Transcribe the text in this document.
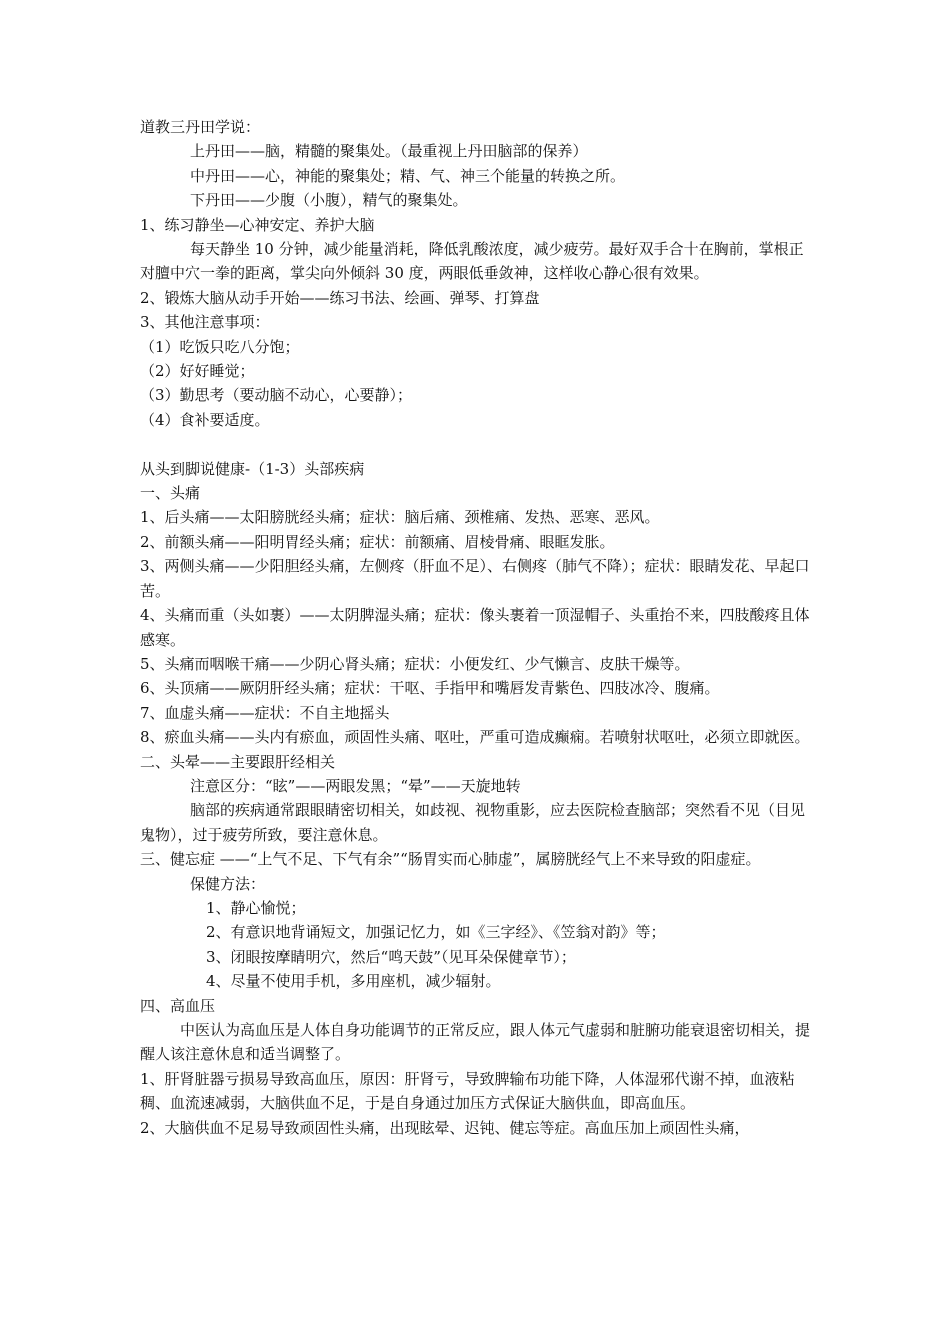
道教三丹田学说：

上丹田——脑，精髓的聚集处。（最重视上丹田脑部的保养）

中丹田——心，神能的聚集处；精、气、神三个能量的转换之所。

下丹田——少腹（小腹），精气的聚集处。

1、练习静坐—心神安定、养护大脑

每天静坐 10 分钟，减少能量消耗，降低乳酸浓度，减少疲劳。最好双手合十在胸前，掌根正对膻中穴一拳的距离，掌尖向外倾斜 30 度，两眼低垂敛神，这样收心静心很有效果。

2、锻炼大脑从动手开始——练习书法、绘画、弹琴、打算盘

3、其他注意事项：

（1）吃饭只吃八分饱；

（2）好好睡觉；

（3）勤思考（要动脑不动心，心要静）；

（4）食补要适度。

从头到脚说健康-（1-3）头部疾病

一、头痛

1、后头痛——太阳膀胱经头痛；症状：脑后痛、颈椎痛、发热、恶寒、恶风。

2、前额头痛——阳明胃经头痛；症状：前额痛、眉棱骨痛、眼眶发胀。

3、两侧头痛——少阳胆经头痛，左侧疼（肝血不足）、右侧疼（肺气不降）；症状：眼睛发花、早起口苦。

4、头痛而重（头如裹）——太阴脾湿头痛；症状：像头裹着一顶湿帽子、头重抬不来，四肢酸疼且体感寒。

5、头痛而咽喉干痛——少阴心肾头痛；症状：小便发红、少气懒言、皮肤干燥等。

6、头顶痛——厥阴肝经头痛；症状：干呕、手指甲和嘴唇发青紫色、四肢冰冷、腹痛。

7、血虚头痛——症状：不自主地摇头

8、瘀血头痛——头内有瘀血，顽固性头痛、呕吐，严重可造成癫痫。若喷射状呕吐，必须立即就医。

二、头晕——主要跟肝经相关

注意区分：“眩”——两眼发黑；“晕”——天旋地转

脑部的疾病通常跟眼睛密切相关，如歧视、视物重影，应去医院检查脑部；突然看不见（目见鬼物），过于疲劳所致，要注意休息。

三、健忘症 ——“上气不足、下气有余”“肠胃实而心肺虚”，属膀胱经气上不来导致的阳虚症。

保健方法：

1、静心愉悦；

2、有意识地背诵短文，加强记忆力，如《三字经》、《笠翁对韵》等；

3、闭眼按摩睛明穴，然后“鸣天鼓”（见耳朵保健章节）；

4、尽量不使用手机，多用座机，减少辐射。

四、高血压

中医认为高血压是人体自身功能调节的正常反应，跟人体元气虚弱和脏腑功能衰退密切相关，提醒人该注意休息和适当调整了。

1、肝肾脏器亏损易导致高血压，原因：肝肾亏，导致脾输布功能下降，人体湿邪代谢不掉，血液粘稠、血流速减弱，大脑供血不足，于是自身通过加压方式保证大脑供血，即高血压。

2、大脑供血不足易导致顽固性头痛，出现眩晕、迟钝、健忘等症。高血压加上顽固性头痛，
